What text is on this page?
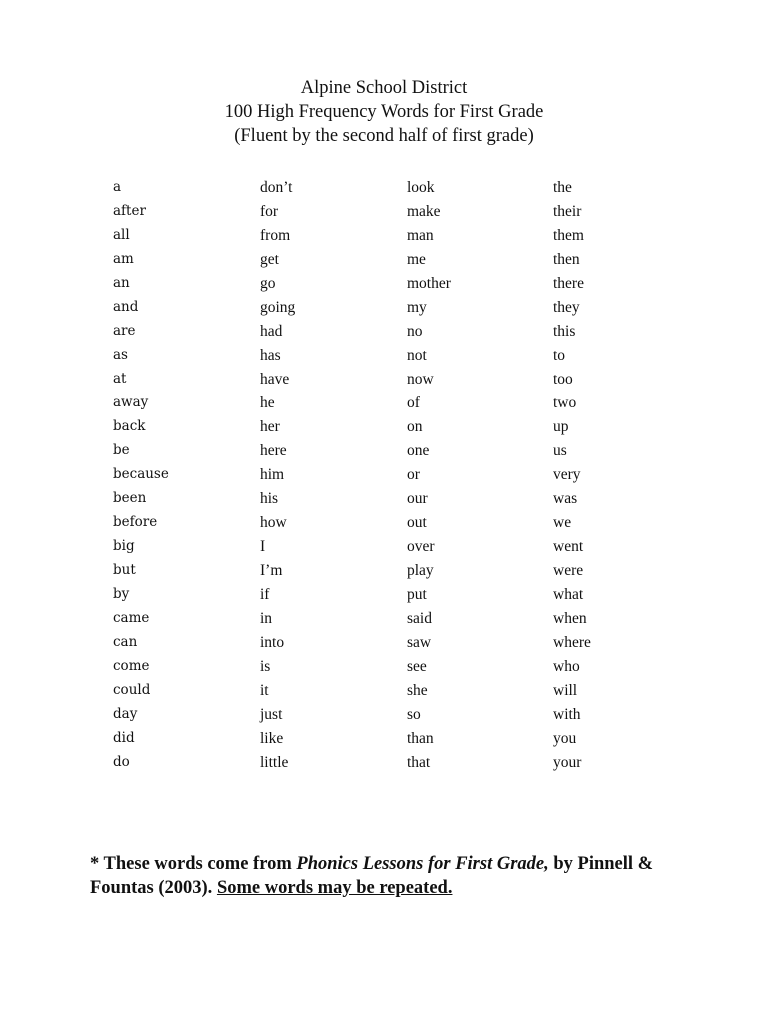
Alpine School District
100 High Frequency Words for First Grade
(Fluent by the second half of first grade)
a
after
all
am
an
and
are
as
at
away
back
be
because
been
before
big
but
by
came
can
come
could
day
did
do
don’t
for
from
get
go
going
had
has
have
he
her
here
him
his
how
I
I’m
if
in
into
is
it
just
like
little
look
make
man
me
mother
my
no
not
now
of
on
one
or
our
out
over
play
put
said
saw
see
she
so
than
that
the
their
them
then
there
they
this
to
too
two
up
us
very
was
we
went
were
what
when
where
who
will
with
you
your
* These words come from Phonics Lessons for First Grade, by Pinnell & Fountas (2003). Some words may be repeated.
